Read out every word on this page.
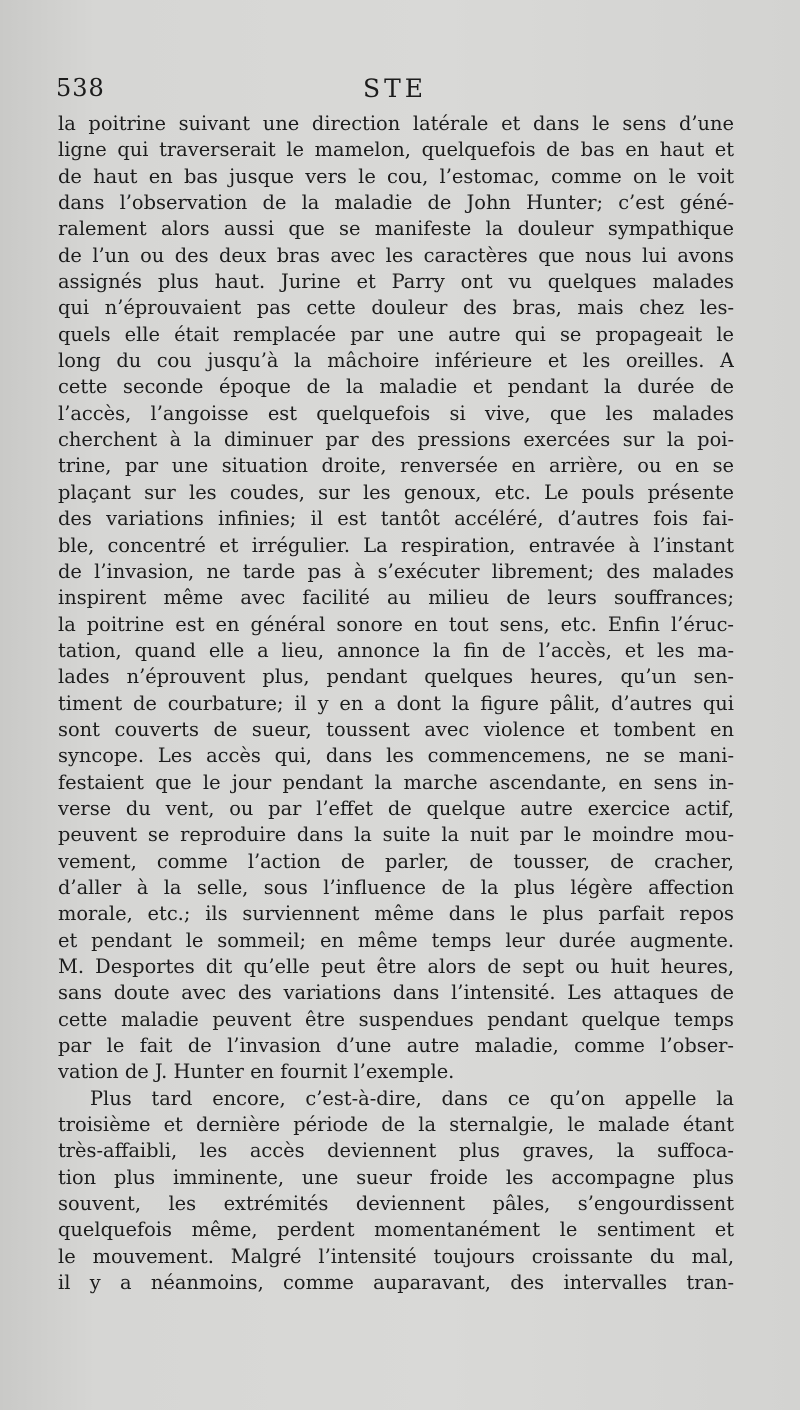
538	STE
la poitrine suivant une direction latérale et dans le sens d’une
ligne qui traverserait le mamelon, quelquefois de bas en haut et
de haut en bas jusque vers le cou, l’estomac, comme on le voit
dans l’observation de la maladie de John Hunter; c’est géné-
ralement alors aussi que se manifeste la douleur sympathique
de l’un ou des deux bras avec les caractères que nous lui avons
assignés plus haut. Jurine et Parry ont vu quelques malades
qui n’éprouvaient pas cette douleur des bras, mais chez les-
quels elle était remplacée par une autre qui se propageait le
long du cou jusqu’à la mâchoire inférieure et les oreilles. A
cette seconde époque de la maladie et pendant la durée de
l’accès, l’angoisse est quelquefois si vive, que les malades
cherchent à la diminuer par des pressions exercées sur la poi-
trine, par une situation droite, renversée en arrière, ou en se
plaçant sur les coudes, sur les genoux, etc. Le pouls présente
des variations infinies; il est tantôt accéléré, d’autres fois fai-
ble, concentré et irrégulier. La respiration, entravée à l’instant
de l’invasion, ne tarde pas à s’exécuter librement; des malades
inspirent même avec facilité au milieu de leurs souffrances;
la poitrine est en général sonore en tout sens, etc. Enfin l’éruc-
tation, quand elle a lieu, annonce la fin de l’accès, et les ma-
lades n’éprouvent plus, pendant quelques heures, qu’un sen-
timent de courbature; il y en a dont la figure pâlit, d’autres qui
sont couverts de sueur, toussent avec violence et tombent en
syncope. Les accès qui, dans les commencemens, ne se mani-
festaient que le jour pendant la marche ascendante, en sens in-
verse du vent, ou par l’effet de quelque autre exercice actif,
peuvent se reproduire dans la suite la nuit par le moindre mou-
vement, comme l’action de parler, de tousser, de cracher,
d’aller à la selle, sous l’influence de la plus légère affection
morale, etc.; ils surviennent même dans le plus parfait repos
et pendant le sommeil; en même temps leur durée augmente.
M. Desportes dit qu’elle peut être alors de sept ou huit heures,
sans doute avec des variations dans l’intensité. Les attaques de
cette maladie peuvent être suspendues pendant quelque temps
par le fait de l’invasion d’une autre maladie, comme l’obser-
vation de J. Hunter en fournit l’exemple.
Plus tard encore, c’est-à-dire, dans ce qu’on appelle la
troisième et dernière période de la sternalgie, le malade étant
très-affaibli, les accès deviennent plus graves, la suffoca-
tion plus imminente, une sueur froide les accompagne plus
souvent, les extrémités deviennent pâles, s’engourdissent
quelquefois même, perdent momentanément le sentiment et
le mouvement. Malgré l’intensité toujours croissante du mal,
il y a néanmoins, comme auparavant, des intervalles tran-
